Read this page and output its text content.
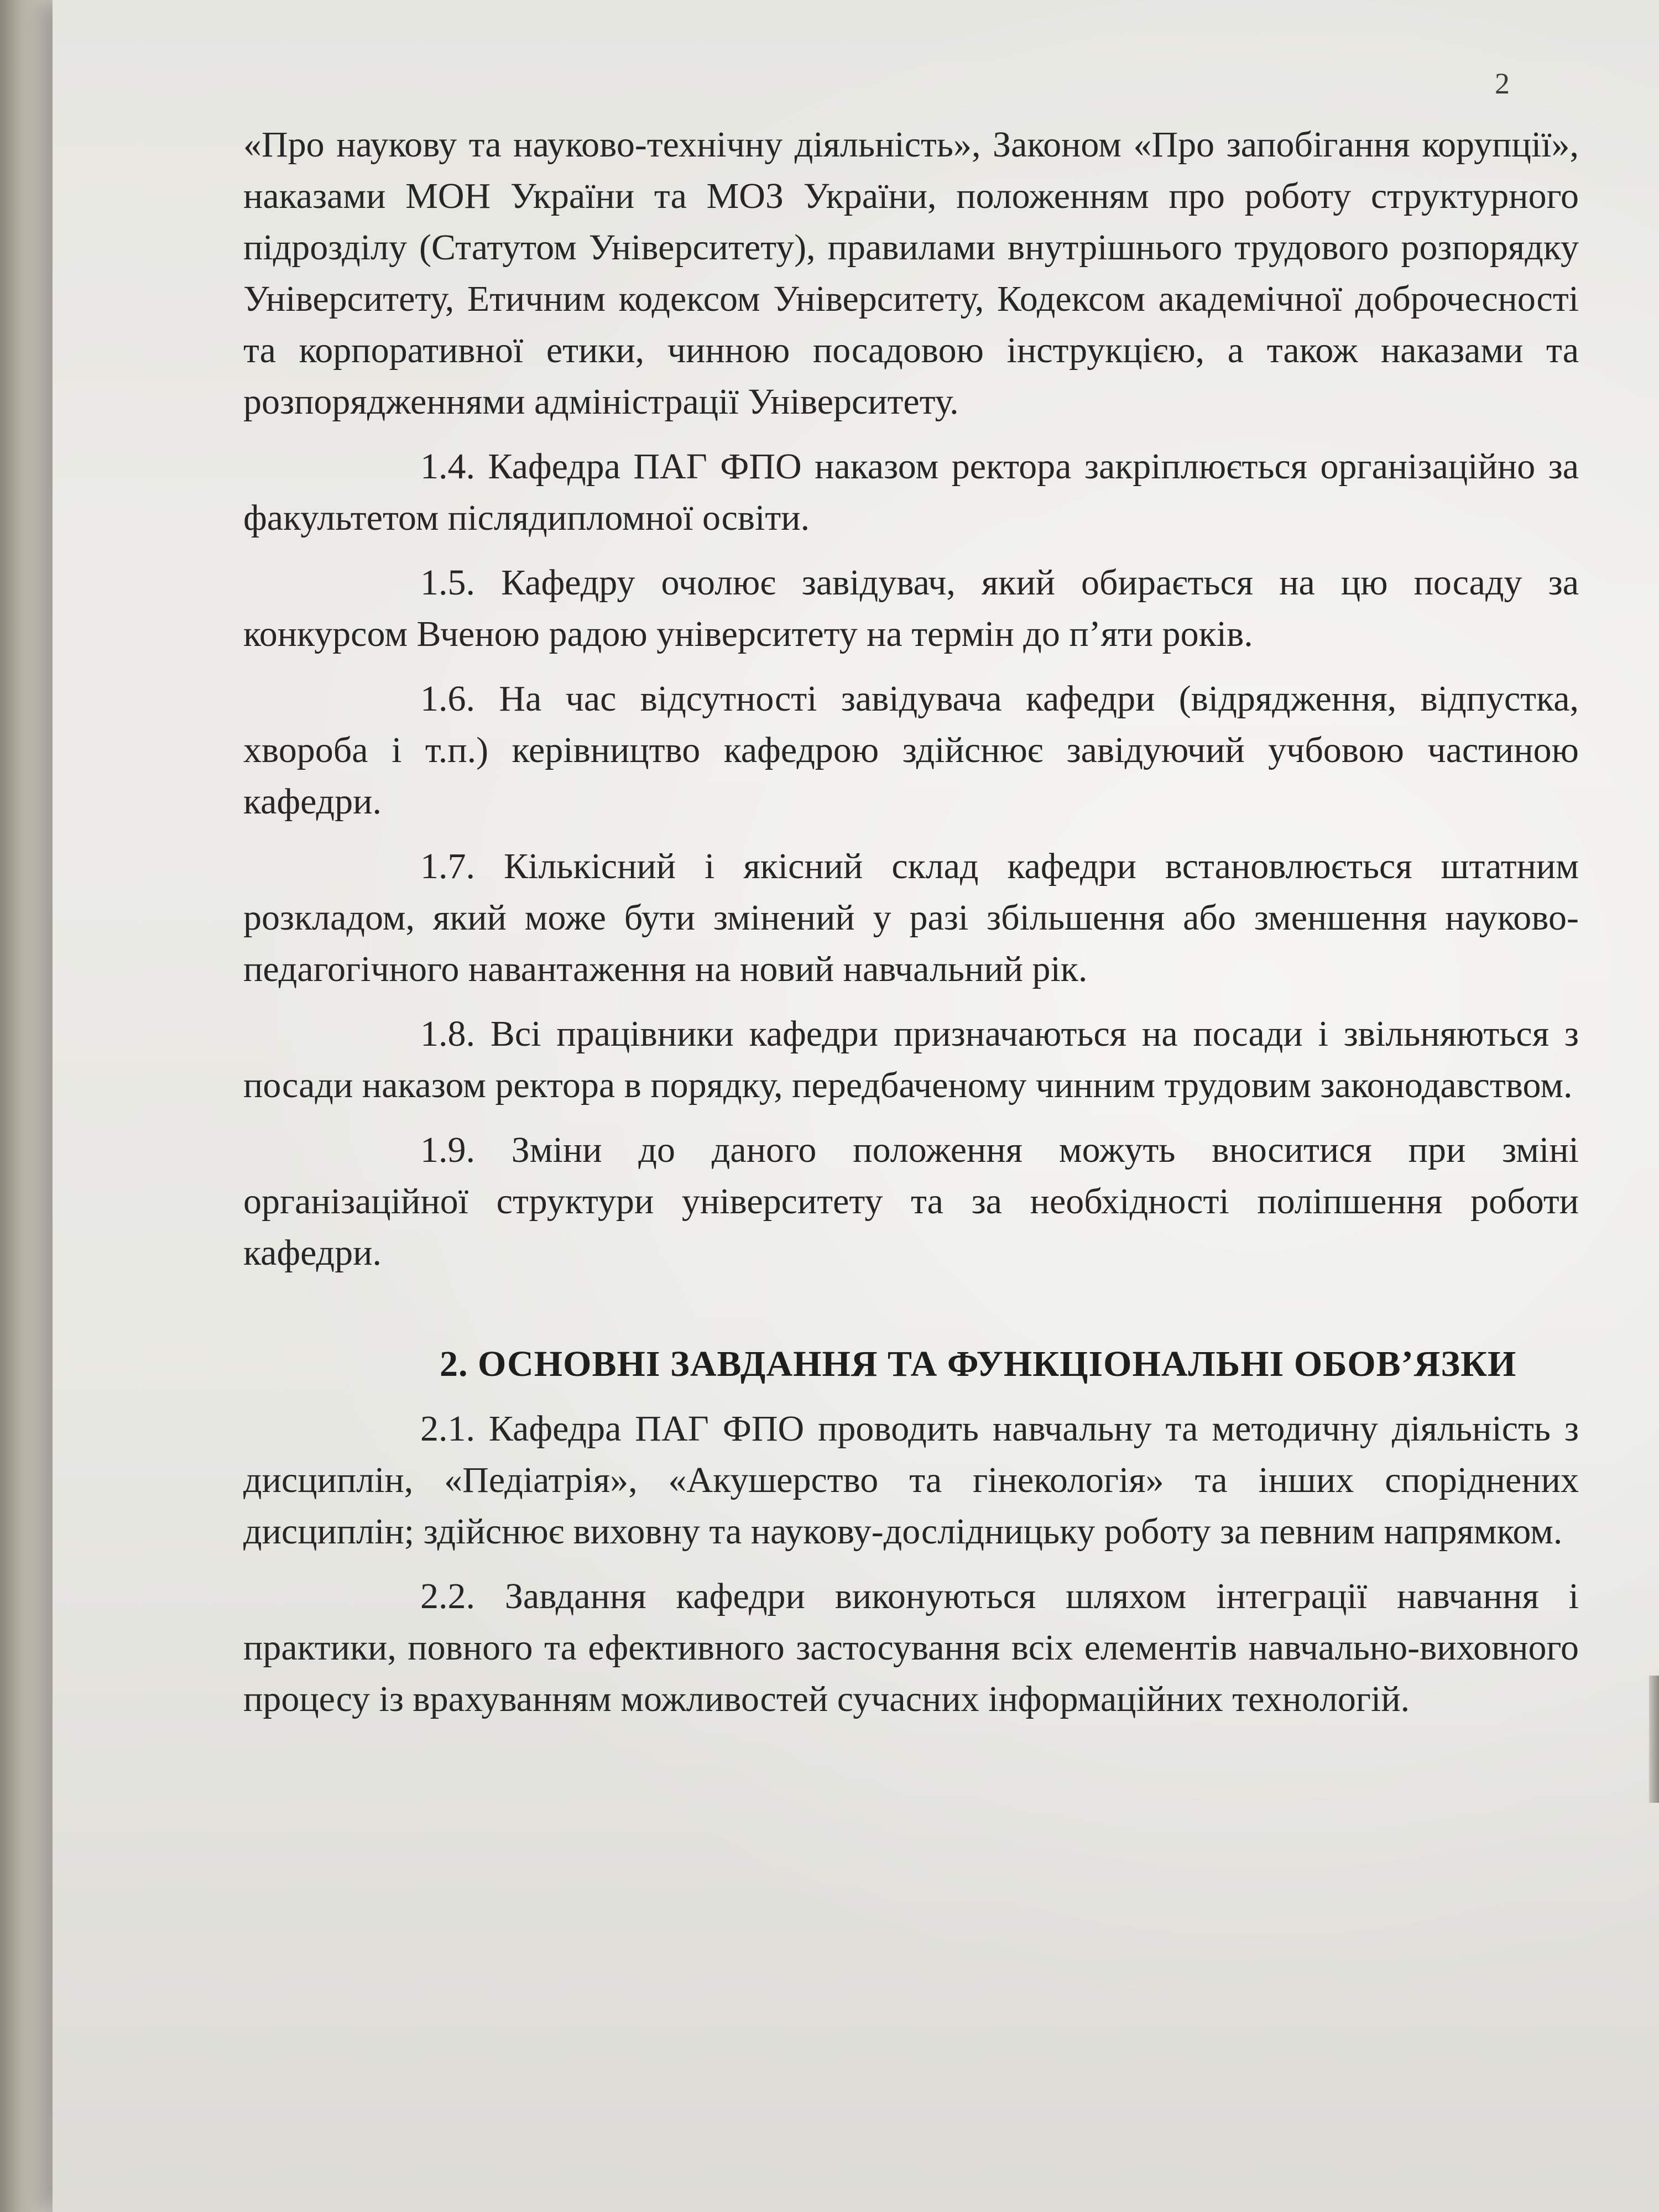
2

«Про наукову та науково-технічну діяльність», Законом «Про запобігання корупції», наказами МОН України та МОЗ України, положенням про роботу структурного підрозділу (Статутом Університету), правилами внутрішнього трудового розпорядку Університету, Етичним кодексом Університету, Кодексом академічної доброчесності та корпоративної етики, чинною посадовою інструкцією, а також наказами та розпорядженнями адміністрації Університету.

1.4. Кафедра ПАГ ФПО наказом ректора закріплюється організаційно за факультетом післядипломної освіти.

1.5. Кафедру очолює завідувач, який обирається на цю посаду за конкурсом Вченою радою університету на термін до п’яти років.

1.6. На час відсутності завідувача кафедри (відрядження, відпустка, хвороба і т.п.) керівництво кафедрою здійснює завідуючий учбовою частиною кафедри.

1.7. Кількісний і якісний склад кафедри встановлюється штатним розкладом, який може бути змінений у разі збільшення або зменшення науково-педагогічного навантаження на новий навчальний рік.

1.8. Всі працівники кафедри призначаються на посади і звільняються з посади наказом ректора в порядку, передбаченому чинним трудовим законодавством.

1.9. Зміни до даного положення можуть вноситися при зміні організаційної структури університету та за необхідності поліпшення роботи кафедри.

2. ОСНОВНІ ЗАВДАННЯ ТА ФУНКЦІОНАЛЬНІ ОБОВ’ЯЗКИ

2.1. Кафедра ПАГ ФПО проводить навчальну та методичну діяльність з дисциплін, «Педіатрія», «Акушерство та гінекологія» та інших споріднених дисциплін; здійснює виховну та наукову-дослідницьку роботу за певним напрямком.

2.2. Завдання кафедри виконуються шляхом інтеграції навчання і практики, повного та ефективного застосування всіх елементів навчально-виховного процесу із врахуванням можливостей сучасних інформаційних технологій.
